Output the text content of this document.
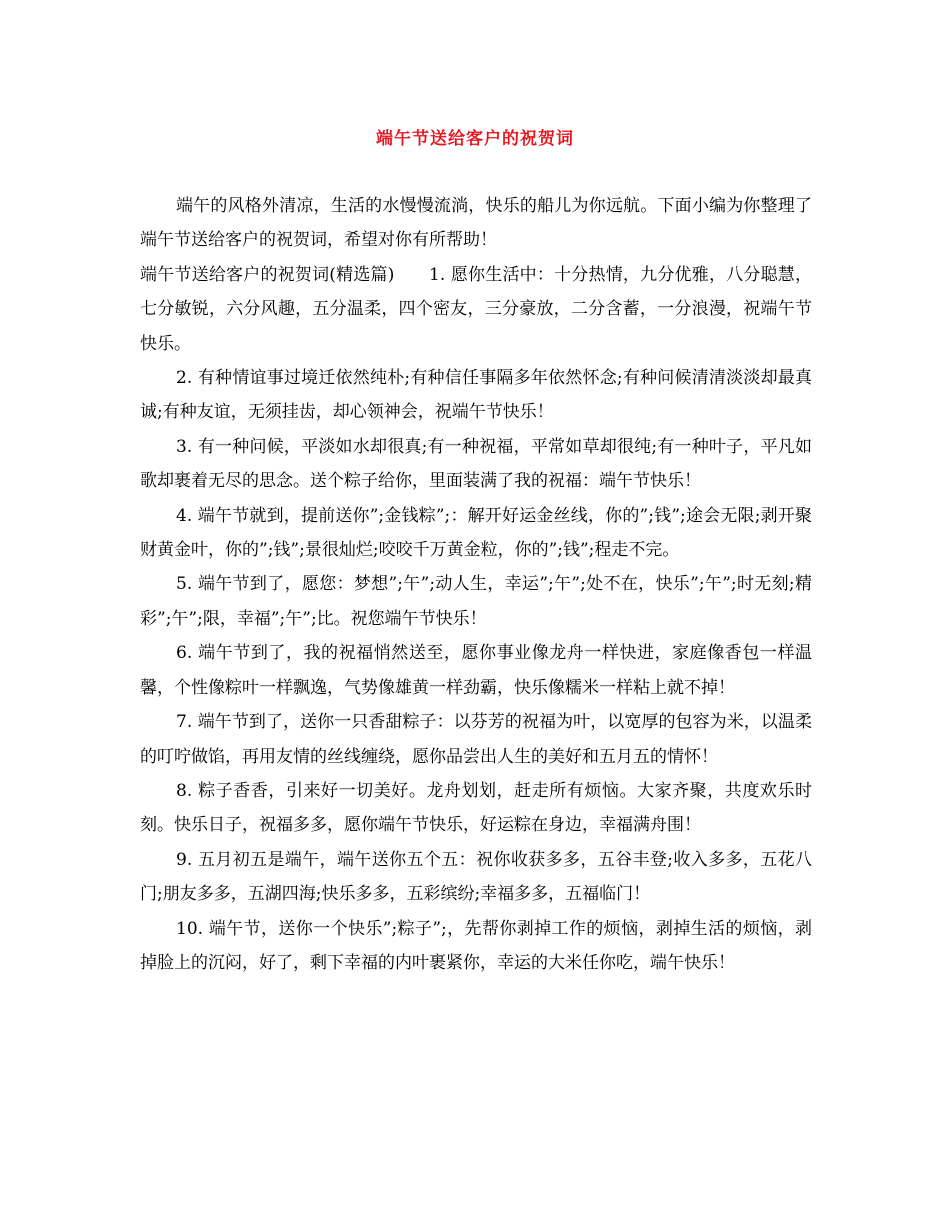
端午节送给客户的祝贺词

端午的风格外清凉，生活的水慢慢流淌，快乐的船儿为你远航。下面小编为你整理了端午节送给客户的祝贺词，希望对你有所帮助！

端午节送给客户的祝贺词(精选篇)　　1. 愿你生活中：十分热情，九分优雅，八分聪慧，七分敏锐，六分风趣，五分温柔，四个密友，三分豪放，二分含蓄，一分浪漫，祝端午节快乐。

2. 有种情谊事过境迁依然纯朴;有种信任事隔多年依然怀念;有种问候清清淡淡却最真诚;有种友谊，无须挂齿，却心领神会，祝端午节快乐！

3. 有一种问候，平淡如水却很真;有一种祝福，平常如草却很纯;有一种叶子，平凡如歌却裹着无尽的思念。送个粽子给你，里面装满了我的祝福：端午节快乐！

4. 端午节就到，提前送你”;金钱粽”;：解开好运金丝线，你的”;钱”;途会无限;剥开聚财黄金叶，你的”;钱”;景很灿烂;咬咬千万黄金粒，你的”;钱”;程走不完。

5. 端午节到了，愿您：梦想”;午”;动人生，幸运”;午”;处不在，快乐”;午”;时无刻;精彩”;午”;限，幸福”;午”;比。祝您端午节快乐！

6. 端午节到了，我的祝福悄然送至，愿你事业像龙舟一样快进，家庭像香包一样温馨，个性像粽叶一样飘逸，气势像雄黄一样劲霸，快乐像糯米一样粘上就不掉！

7. 端午节到了，送你一只香甜粽子：以芬芳的祝福为叶，以宽厚的包容为米，以温柔的叮咛做馅，再用友情的丝线缠绕，愿你品尝出人生的美好和五月五的情怀！

8. 粽子香香，引来好一切美好。龙舟划划，赶走所有烦恼。大家齐聚，共度欢乐时刻。快乐日子，祝福多多，愿你端午节快乐，好运粽在身边，幸福满舟围！

9. 五月初五是端午，端午送你五个五：祝你收获多多，五谷丰登;收入多多，五花八门;朋友多多，五湖四海;快乐多多，五彩缤纷;幸福多多，五福临门！

10. 端午节，送你一个快乐”;粽子”;，先帮你剥掉工作的烦恼，剥掉生活的烦恼，剥掉脸上的沉闷，好了，剩下幸福的内叶裹紧你，幸运的大米任你吃，端午快乐！
